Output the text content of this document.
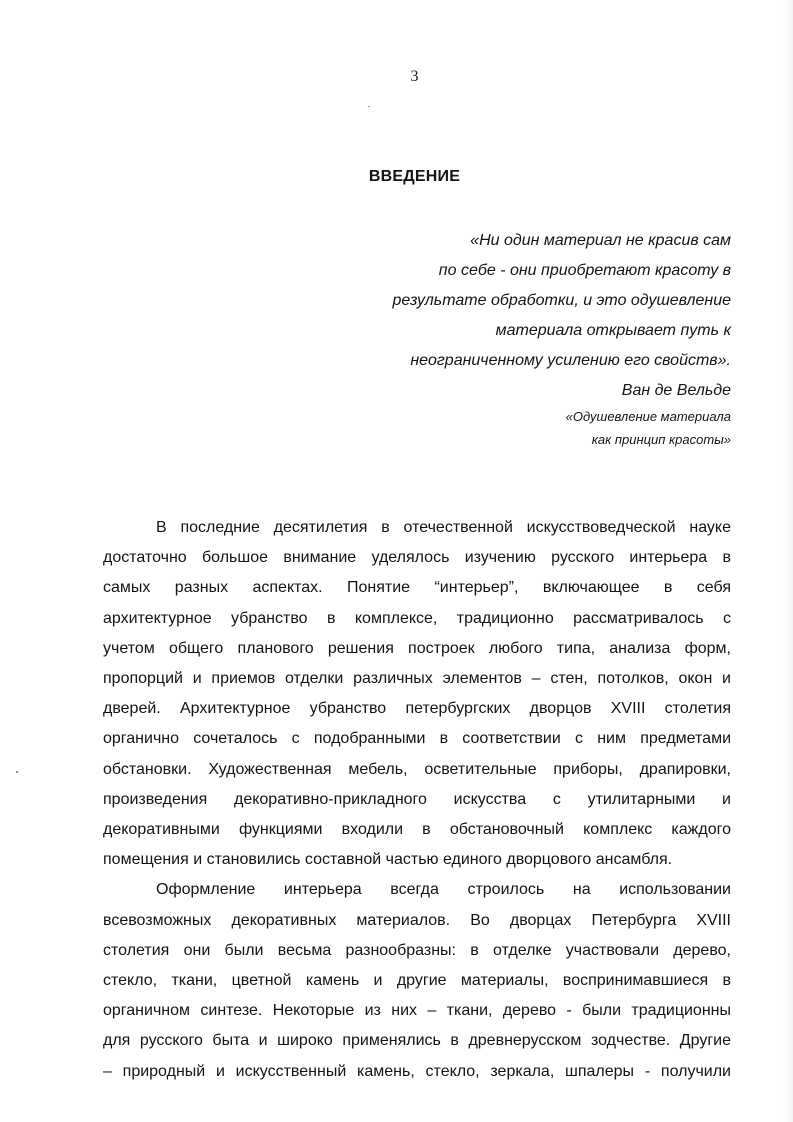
3
ВВЕДЕНИЕ
«Ни один материал не красив сам
по себе - они приобретают красоту в
результате обработки, и это одушевление
материала открывает путь к
неограниченному усилению его свойств».
Ван де Вельде
«Одушевление материала
как принцип красоты»
В последние десятилетия в отечественной искусствоведческой науке
достаточно большое внимание уделялось изучению русского интерьера в
самых разных аспектах. Понятие “интерьер”, включающее в себя
архитектурное убранство в комплексе, традиционно рассматривалось с
учетом общего планового решения построек любого типа, анализа форм,
пропорций и приемов отделки различных элементов – стен, потолков, окон и
дверей. Архитектурное убранство петербургских дворцов XVIII столетия
органично сочеталось с подобранными в соответствии с ним предметами
обстановки. Художественная мебель, осветительные приборы, драпировки,
произведения декоративно-прикладного искусства с утилитарными и
декоративными функциями входили в обстановочный комплекс каждого
помещения и становились составной частью единого дворцового ансамбля.
Оформление интерьера всегда строилось на использовании
всевозможных декоративных материалов. Во дворцах Петербурга XVIII
столетия они были весьма разнообразны: в отделке участвовали дерево,
стекло, ткани, цветной камень и другие материалы, воспринимавшиеся в
органичном синтезе. Некоторые из них – ткани, дерево - были традиционны
для русского быта и широко применялись в древнерусском зодчестве. Другие
– природный и искусственный камень, стекло, зеркала, шпалеры - получили
